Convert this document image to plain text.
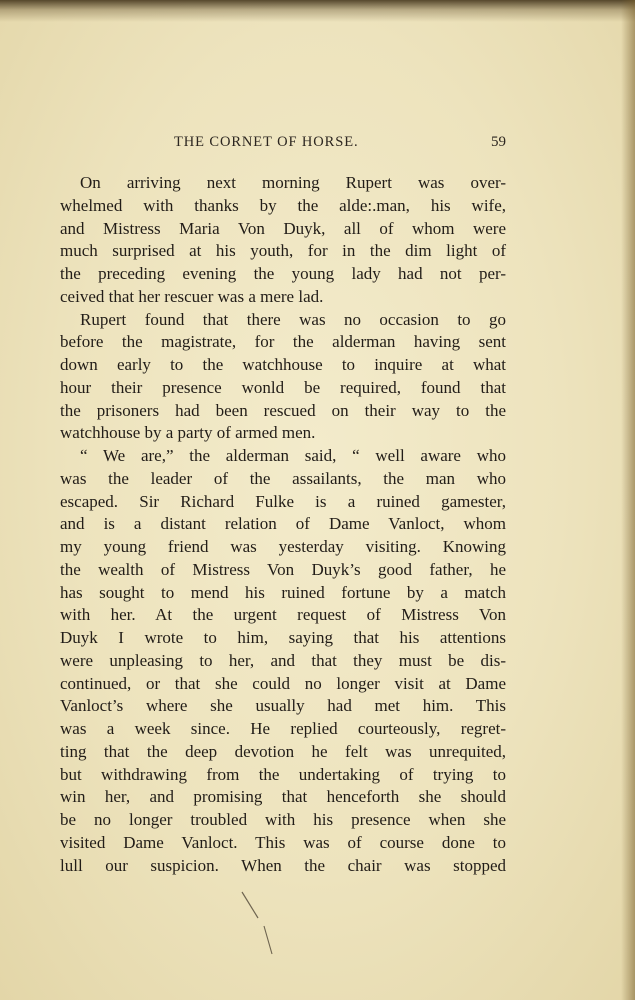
THE CORNET OF HORSE.	59
On arriving next morning Rupert was over-
whelmed with thanks by the alde:.man, his wife,
and Mistress Maria Von Duyk, all of whom were
much surprised at his youth, for in the dim light of
the preceding evening the young lady had not per-
ceived that her rescuer was a mere lad.
Rupert found that there was no occasion to go
before the magistrate, for the alderman having sent
down early to the watchhouse to inquire at what
hour their presence wonld be required, found that
the prisoners had been rescued on their way to the
watchhouse by a party of armed men.
“ We are,” the alderman said, “ well aware who
was the leader of the assailants, the man who
escaped. Sir Richard Fulke is a ruined gamester,
and is a distant relation of Dame Vanloct, whom
my young friend was yesterday visiting. Knowing
the wealth of Mistress Von Duyk’s good father, he
has sought to mend his ruined fortune by a match
with her. At the urgent request of Mistress Von
Duyk I wrote to him, saying that his attentions
were unpleasing to her, and that they must be dis-
continued, or that she could no longer visit at Dame
Vanloct’s where she usually had met him. This
was a week since. He replied courteously, regret-
ting that the deep devotion he felt was unrequited,
but withdrawing from the undertaking of trying to
win her, and promising that henceforth she should
be no longer troubled with his presence when she
visited Dame Vanloct. This was of course done to
lull our suspicion. When the chair was stopped
